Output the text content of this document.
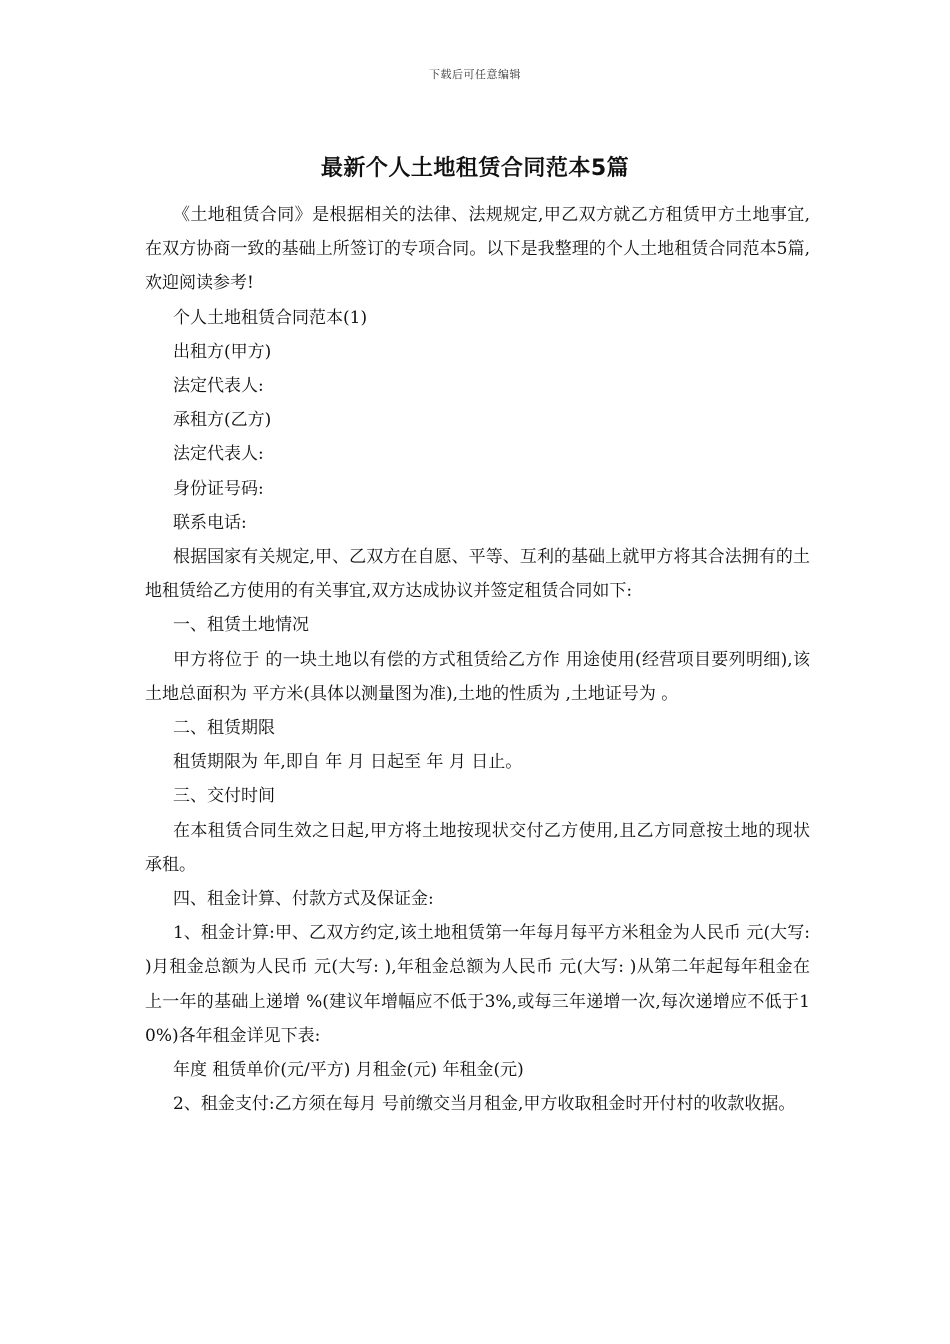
下载后可任意编辑
最新个人土地租赁合同范本5篇

《土地租赁合同》是根据相关的法律、法规规定,甲乙双方就乙方租赁甲方土地事宜,在双方协商一致的基础上所签订的专项合同。以下是我整理的个人土地租赁合同范本5篇,欢迎阅读参考!

个人土地租赁合同范本(1)

出租方(甲方)

法定代表人:

承租方(乙方)

法定代表人:

身份证号码:

联系电话:

根据国家有关规定,甲、乙双方在自愿、平等、互利的基础上就甲方将其合法拥有的土地租赁给乙方使用的有关事宜,双方达成协议并签定租赁合同如下:

一、租赁土地情况

甲方将位于 的一块土地以有偿的方式租赁给乙方作 用途使用(经营项目要列明细),该土地总面积为 平方米(具体以测量图为准),土地的性质为 ,土地证号为 。

二、租赁期限

租赁期限为 年,即自 年 月 日起至 年 月 日止。

三、交付时间

在本租赁合同生效之日起,甲方将土地按现状交付乙方使用,且乙方同意按土地的现状承租。

四、租金计算、付款方式及保证金:

1、租金计算:甲、乙双方约定,该土地租赁第一年每月每平方米租金为人民币 元(大写: )月租金总额为人民币 元(大写: ),年租金总额为人民币 元(大写: )从第二年起每年租金在上一年的基础上递增 %(建议年增幅应不低于3%,或每三年递增一次,每次递增应不低于10%)各年租金详见下表:

年度 租赁单价(元/平方) 月租金(元) 年租金(元)

2、租金支付:乙方须在每月 号前缴交当月租金,甲方收取租金时开付村的收款收据。
